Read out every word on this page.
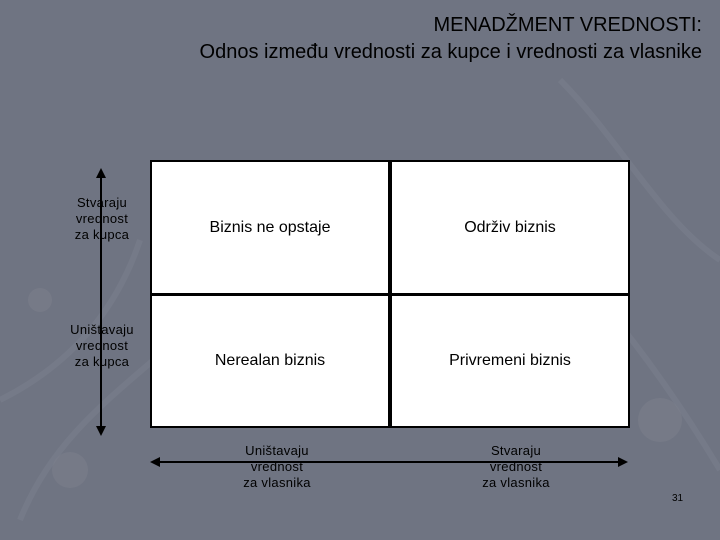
MENADŽMENT VREDNOSTI:
Odnos između vrednosti za kupce i vrednosti za vlasnike
Biznis ne opstaje	Održiv biznis
Nerealan biznis	Privremeni biznis
Stvaraju
vrednost
za kupca
Uništavaju
vrednost
za kupca
Uništavaju
vrednost
za vlasnika
Stvaraju
vrednost
za vlasnika
31
